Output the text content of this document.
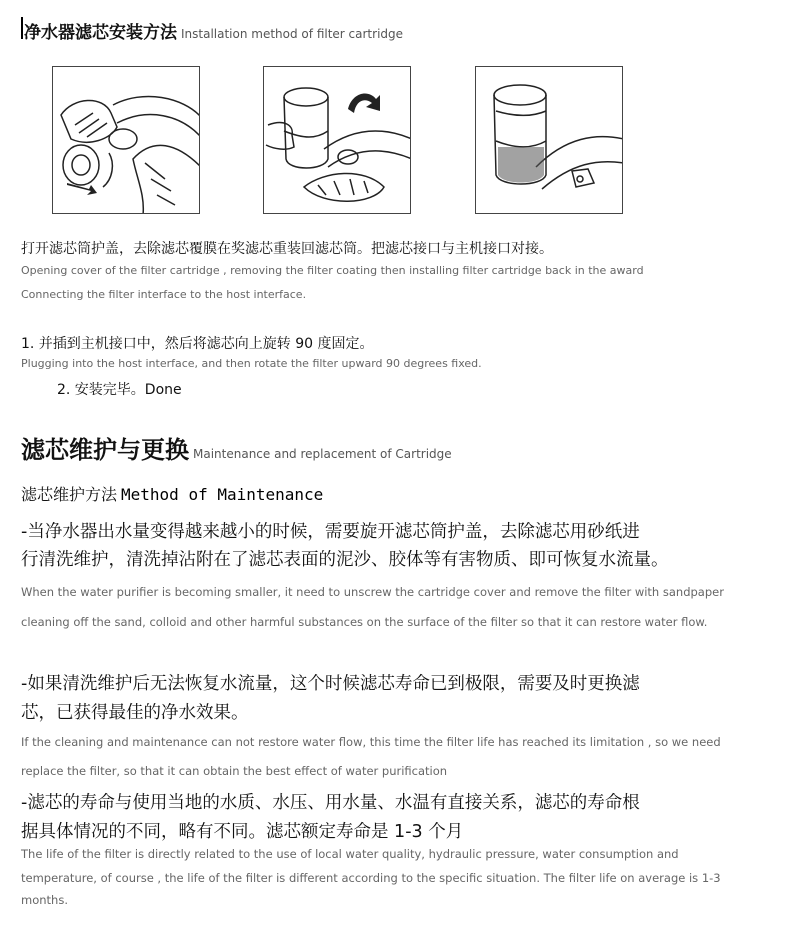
净水器滤芯安装方法 Installation method of filter cartridge
打开滤芯筒护盖，去除滤芯覆膜在奖滤芯重装回滤芯筒。把滤芯接口与主机接口对接。
Opening cover of the filter cartridge , removing the filter coating then installing filter cartridge back in the award
Connecting the filter interface to the host interface.
1. 并插到主机接口中，然后将滤芯向上旋转 90 度固定。
Plugging into the host interface, and then rotate the filter upward 90 degrees fixed.
2. 安装完毕。Done
滤芯维护与更换 Maintenance and replacement of Cartridge
滤芯维护方法 Method of Maintenance
-当净水器出水量变得越来越小的时候，需要旋开滤芯筒护盖，去除滤芯用砂纸进
行清洗维护，清洗掉沾附在了滤芯表面的泥沙、胶体等有害物质、即可恢复水流量。
When the water purifier is becoming smaller, it need to unscrew the cartridge cover and remove the filter with sandpaper
cleaning off the sand, colloid and other harmful substances on the surface of the filter so that it can restore water flow.
-如果清洗维护后无法恢复水流量，这个时候滤芯寿命已到极限，需要及时更换滤
芯，已获得最佳的净水效果。
If the cleaning and maintenance can not restore water flow, this time the filter life has reached its limitation , so we need
replace the filter, so that it can obtain the best effect of water purification
-滤芯的寿命与使用当地的水质、水压、用水量、水温有直接关系，滤芯的寿命根
据具体情况的不同，略有不同。滤芯额定寿命是 1-3 个月
The life of the filter is directly related to the use of local water quality, hydraulic pressure, water consumption and
temperature, of course , the life of the filter is different according to the specific situation. The filter life on average is 1-3
months.
